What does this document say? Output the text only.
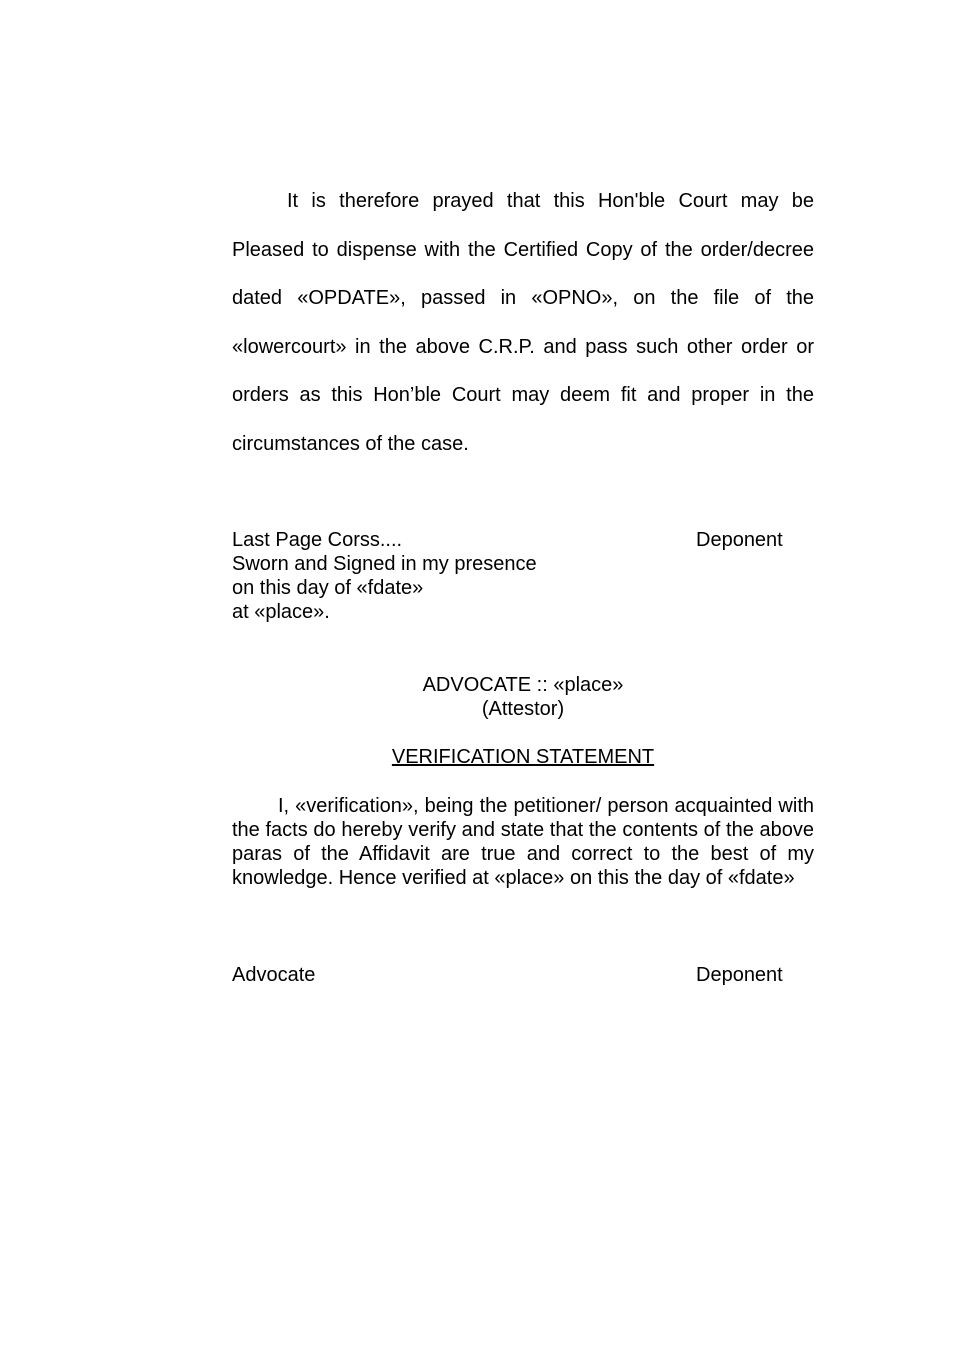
It is therefore prayed that this Hon'ble Court may be Pleased to dispense with the Certified Copy of the order/decree dated «OPDATE», passed in «OPNO», on the file of the «lowercourt» in the above C.R.P. and pass such other order or orders as this Hon’ble Court may deem fit and proper in the circumstances of the case.

Last Page Corss....
Sworn and Signed in my presence
on this day of «fdate»
at «place».
Deponent
ADVOCATE :: «place»
(Attestor)
VERIFICATION STATEMENT

I, «verification», being the petitioner/ person acquainted with the facts do hereby verify and state that the contents of the above paras of the Affidavit are true and correct to the best of my knowledge. Hence verified at «place» on this the day of «fdate»

Advocate	Deponent
